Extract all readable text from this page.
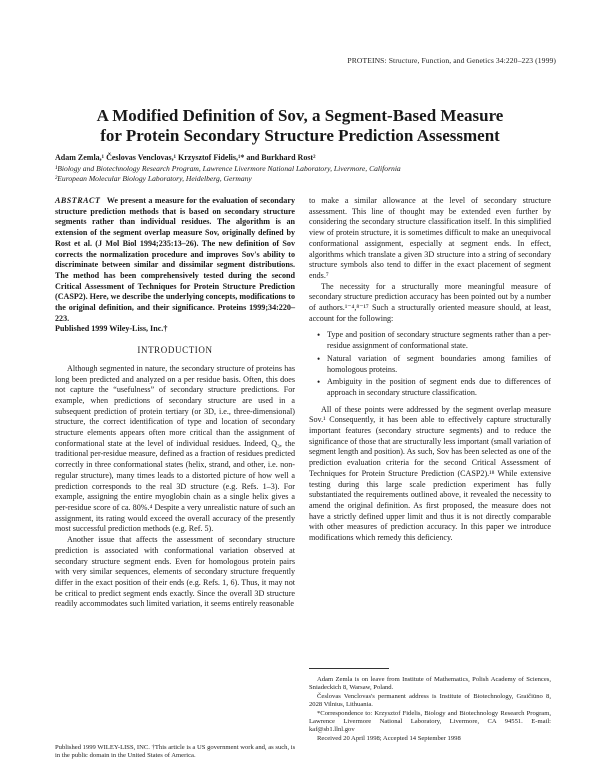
PROTEINS: Structure, Function, and Genetics 34:220–223 (1999)
A Modified Definition of Sov, a Segment-Based Measure
for Protein Secondary Structure Prediction Assessment
Adam Zemla,¹ Česlovas Venclovas,¹ Krzysztof Fidelis,¹* and Burkhard Rost²
¹Biology and Biotechnology Research Program, Lawrence Livermore National Laboratory, Livermore, California
²European Molecular Biology Laboratory, Heidelberg, Germany

ABSTRACT We present a measure for the evaluation of secondary structure prediction methods that is based on secondary structure segments rather than individual residues. The algorithm is an extension of the segment overlap measure Sov, originally defined by Rost et al. (J Mol Biol 1994;235:13–26). The new definition of Sov corrects the normalization procedure and improves Sov's ability to discriminate between similar and dissimilar segment distributions. The method has been comprehensively tested during the second Critical Assessment of Techniques for Protein Structure Prediction (CASP2). Here, we describe the underlying concepts, modifications to the original definition, and their significance. Proteins 1999;34:220–223.

Published 1999 Wiley-Liss, Inc.†

INTRODUCTION

Although segmented in nature, the secondary structure of proteins has long been predicted and analyzed on a per residue basis. Often, this does not capture the “usefulness” of secondary structure predictions. For example, when predictions of secondary structure are used in a subsequent prediction of protein tertiary (or 3D, i.e., three-dimensional) structure, the correct identification of type and location of secondary structure elements appears often more critical than the assignment of conformational state at the level of individual residues. Indeed, Q₃, the traditional per-residue measure, defined as a fraction of residues predicted correctly in three conformational states (helix, strand, and other, i.e. non-regular structure), many times leads to a distorted picture of how well a prediction corresponds to the real 3D structure (e.g. Refs. 1–3). For example, assigning the entire myoglobin chain as a single helix gives a per-residue score of ca. 80%.⁴ Despite a very unrealistic nature of such an assignment, its rating would exceed the overall accuracy of the presently most successful prediction methods (e.g. Ref. 5).

Another issue that affects the assessment of secondary structure prediction is associated with conformational variation observed at secondary structure segment ends. Even for homologous protein pairs with very similar sequences, elements of secondary structure frequently differ in the exact position of their ends (e.g. Refs. 1, 6). Thus, it may not be critical to predict segment ends exactly. Since the overall 3D structure readily accommodates such limited variation, it seems entirely reasonable

to make a similar allowance at the level of secondary structure assessment. This line of thought may be extended even further by considering the secondary structure classification itself. In this simplified view of protein structure, it is sometimes difficult to make an unequivocal conformational assignment, especially at segment ends. In effect, algorithms which translate a given 3D structure into a string of secondary structure symbols also tend to differ in the exact placement of segment ends.⁷

The necessity for a structurally more meaningful measure of secondary structure prediction accuracy has been pointed out by a number of authors.¹⁻⁴,⁸⁻¹⁷ Such a structurally oriented measure should, at least, account for the following:

• Type and position of secondary structure segments rather than a per-residue assignment of conformational state.
• Natural variation of segment boundaries among families of homologous proteins.
• Ambiguity in the position of segment ends due to differences of approach in secondary structure classification.

All of these points were addressed by the segment overlap measure Sov.¹ Consequently, it has been able to effectively capture structurally important features (secondary structure segments) and to reduce the significance of those that are structurally less important (small variation of segment length and position). As such, Sov has been selected as one of the prediction evaluation criteria for the second Critical Assessment of Techniques for Protein Structure Prediction (CASP2).¹⁸ While extensive testing during this large scale prediction experiment has fully substantiated the requirements outlined above, it revealed the necessity to amend the original definition. As first proposed, the measure does not have a strictly defined upper limit and thus it is not directly comparable with other measures of prediction accuracy. In this paper we introduce modifications which remedy this deficiency.

Adam Zemla is on leave from Institute of Mathematics, Polish Academy of Sciences, Sniadeckich 8, Warsaw, Poland.

Česlovas Venclovas's permanent address is Institute of Biotechnology, Graičiūno 8, 2028 Vilnius, Lithuania.

*Correspondence to: Krzysztof Fidelis, Biology and Biotechnology Research Program, Lawrence Livermore National Laboratory, Livermore, CA 94551. E-mail: kaf@sb1.llnl.gov

Received 20 April 1998; Accepted 14 September 1998

Published 1999 WILEY-LISS, INC. †This article is a US government work and, as such, is in the public domain in the United States of America.
